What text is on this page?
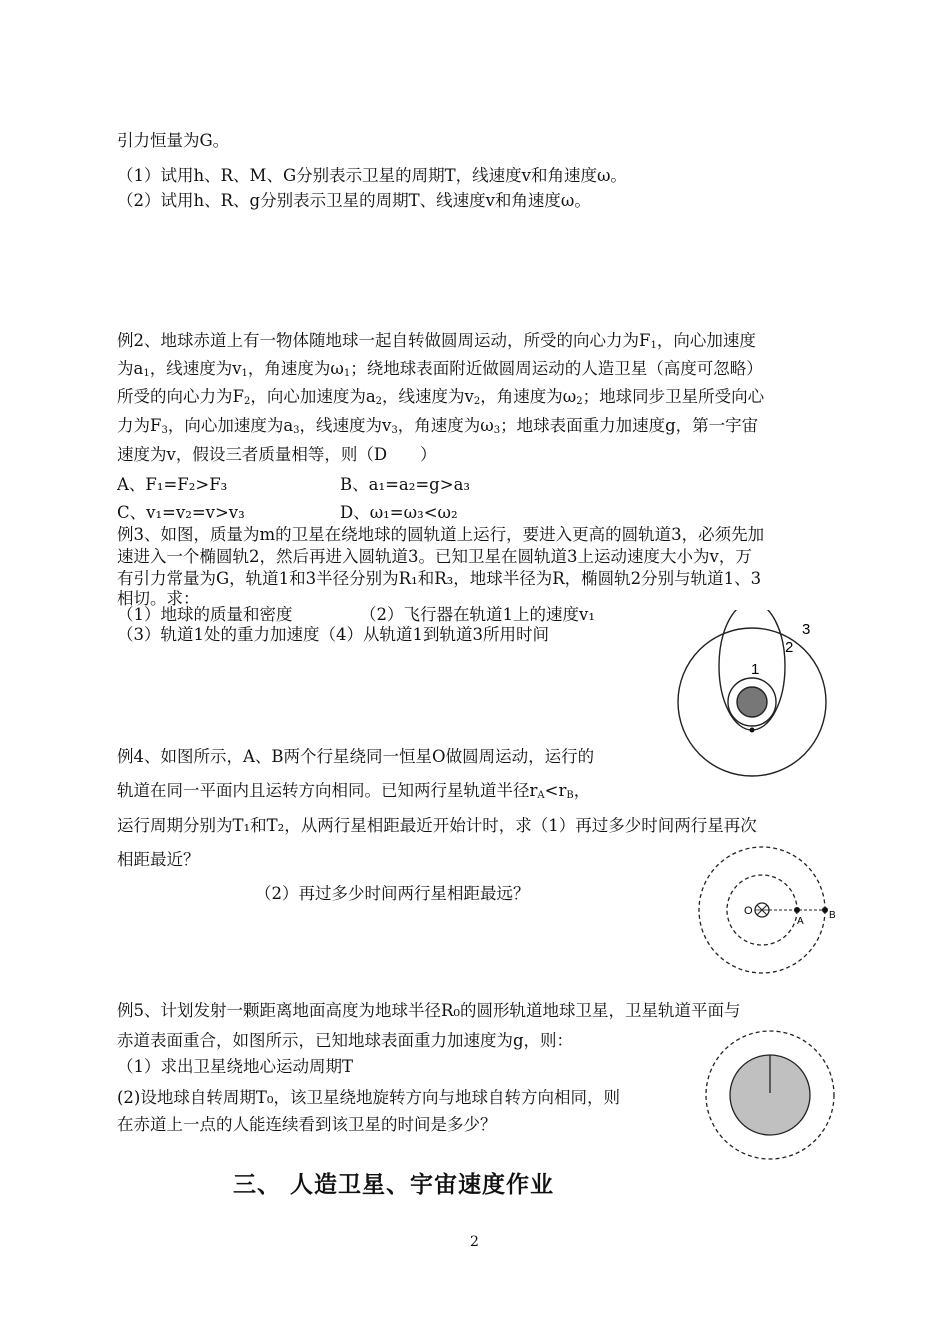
引力恒量为G。
（1）试用h、R、M、G分别表示卫星的周期T，线速度v和角速度ω。
（2）试用h、R、g分别表示卫星的周期T、线速度v和角速度ω。
例2、地球赤道上有一物体随地球一起自转做圆周运动，所受的向心力为$F_1$，向心加速度
为$a_1$，线速度为$v_1$，角速度为$\omega_1$；绕地球表面附近做圆周运动的人造卫星（高度可忽略）
所受的向心力为$F_2$，向心加速度为$a_2$，线速度为$v_2$，角速度为$\omega_2$；地球同步卫星所受向心
力为$F_3$，向心加速度为$a_3$，线速度为$v_3$，角速度为$\omega_3$；地球表面重力加速度g，第一宇宙
速度为v，假设三者质量相等，则（D　　）
A、F₁=F₂>F₃	B、a₁=a₂=g>a₃
C、v₁=v₂=v>v₃	D、ω₁=ω₃<ω₂
例3、如图，质量为m的卫星在绕地球的圆轨道上运行，要进入更高的圆轨道3，必须先加
速进入一个椭圆轨2，然后再进入圆轨道3。已知卫星在圆轨道3上运动速度大小为v，万
有引力常量为G，轨道1和3半径分别为R₁和R₃，地球半径为R，椭圆轨2分别与轨道1、3
相切。求：
（1）地球的质量和密度	（2）飞行器在轨道1上的速度v₁
（3）轨道1处的重力加速度（4）从轨道1到轨道3所用时间
1
2
3
例4、如图所示，A、B两个行星绕同一恒星O做圆周运动，运行的
轨道在同一平面内且运转方向相同。已知两行星轨道半径$r_A<r_B$，
运行周期分别为T₁和T₂，从两行星相距最近开始计时，求（1）再过多少时间两行星再次
相距最近？
（2）再过多少时间两行星相距最远？
O
A
B
例5、计划发射一颗距离地面高度为地球半径R₀的圆形轨道地球卫星，卫星轨道平面与
赤道表面重合，如图所示，已知地球表面重力加速度为g，则：
（1）求出卫星绕地心运动周期T
(2)设地球自转周期T₀，该卫星绕地旋转方向与地球自转方向相同，则
在赤道上一点的人能连续看到该卫星的时间是多少？
三、 人造卫星、宇宙速度作业
2
